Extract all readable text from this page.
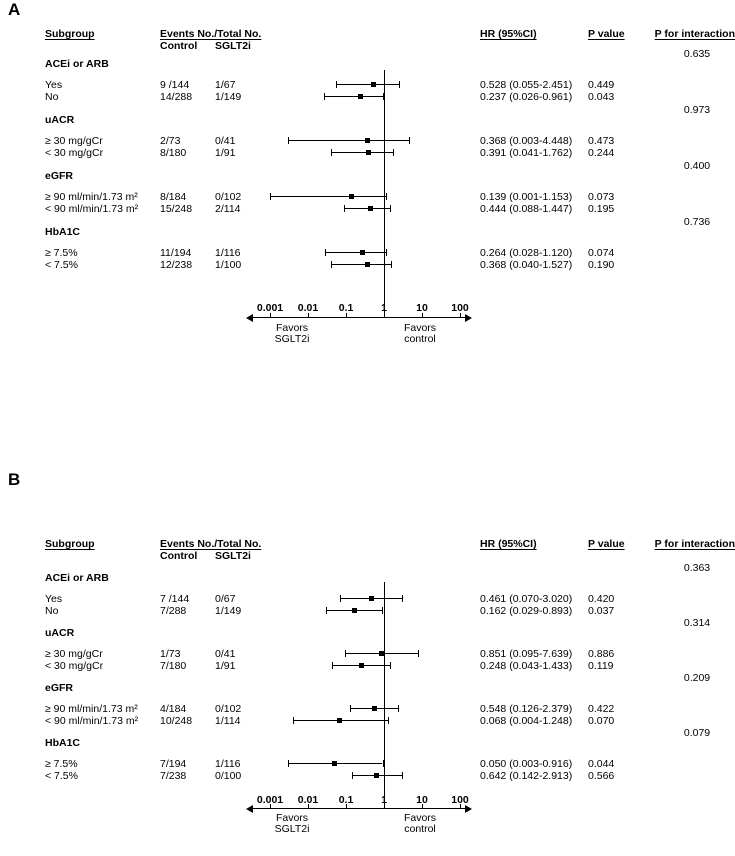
A
Subgroup	Events No./Total No.
Control SGLT2i
HR (95%CI)	P value	P for interaction
ACEi or ARB
0.635
Yes	9 /144 1/67	0.528 (0.055-2.451) 0.449
No	14/288 1/149	0.237 (0.026-0.961) 0.043
uACR
0.973
≥ 30 mg/gCr	2/73	0/41	0.368 (0.003-4.448) 0.473
< 30 mg/gCr	8/180	1/91	0.391 (0.041-1.762) 0.244
eGFR
0.400
≥ 90 ml/min/1.73 m² 8/184	0/102	0.139 (0.001-1.153) 0.073
< 90 ml/min/1.73 m² 15/248 2/114	0.444 (0.088-1.447) 0.195
HbA1C
0.736
≥ 7.5%	11/194 1/116	0.264 (0.028-1.120) 0.074
< 7.5%	12/238 1/100	0.368 (0.040-1.527) 0.190
0.001 0.01 0.1	1	10 100
Favors
SGLT2i
Favors
control
B
Subgroup	Events No./Total No.
Control SGLT2i
HR (95%CI)	P value	P for interaction
ACEi or ARB
0.363
Yes	7 /144 0/67	0.461 (0.070-3.020) 0.420
No	7/288	1/149	0.162 (0.029-0.893) 0.037
uACR
0.314
≥ 30 mg/gCr	1/73	0/41	0.851 (0.095-7.639) 0.886
< 30 mg/gCr	7/180	1/91	0.248 (0.043-1.433) 0.119
eGFR
0.209
≥ 90 ml/min/1.73 m² 4/184	0/102	0.548 (0.126-2.379) 0.422
< 90 ml/min/1.73 m² 10/248 1/114	0.068 (0.004-1.248) 0.070
HbA1C
0.079
≥ 7.5%	7/194	1/116	0.050 (0.003-0.916) 0.044
< 7.5%	7/238	0/100	0.642 (0.142-2.913) 0.566
0.001 0.01 0.1	1	10 100
Favors
SGLT2i
Favors
control
